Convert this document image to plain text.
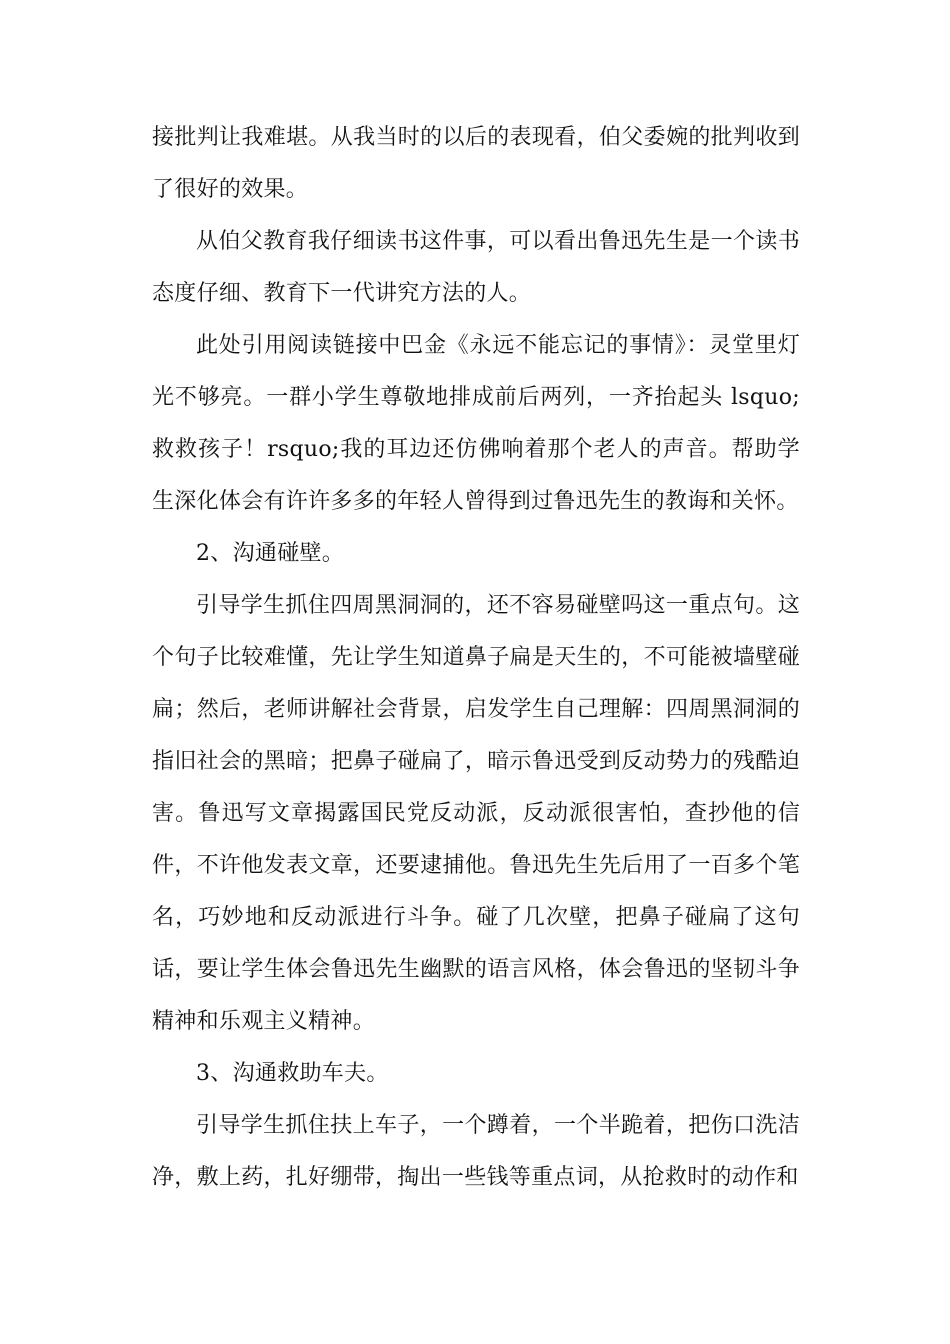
接批判让我难堪。从我当时的以后的表现看，伯父委婉的批判收到了很好的效果。

从伯父教育我仔细读书这件事，可以看出鲁迅先生是一个读书态度仔细、教育下一代讲究方法的人。

此处引用阅读链接中巴金《永远不能忘记的事情》：灵堂里灯光不够亮。一群小学生尊敬地排成前后两列，一齐抬起头 lsquo;救救孩子！rsquo;我的耳边还仿佛响着那个老人的声音。帮助学生深化体会有许许多多的年轻人曾得到过鲁迅先生的教诲和关怀。

2、沟通碰壁。

引导学生抓住四周黑洞洞的，还不容易碰壁吗这一重点句。这个句子比较难懂，先让学生知道鼻子扁是天生的，不可能被墙壁碰扁；然后，老师讲解社会背景，启发学生自己理解：四周黑洞洞的指旧社会的黑暗；把鼻子碰扁了，暗示鲁迅受到反动势力的残酷迫害。鲁迅写文章揭露国民党反动派，反动派很害怕，查抄他的信件，不许他发表文章，还要逮捕他。鲁迅先生先后用了一百多个笔名，巧妙地和反动派进行斗争。碰了几次壁，把鼻子碰扁了这句话，要让学生体会鲁迅先生幽默的语言风格，体会鲁迅的坚韧斗争精神和乐观主义精神。

3、沟通救助车夫。

引导学生抓住扶上车子，一个蹲着，一个半跪着，把伤口洗洁净，敷上药，扎好绷带，掏出一些钱等重点词，从抢救时的动作和
